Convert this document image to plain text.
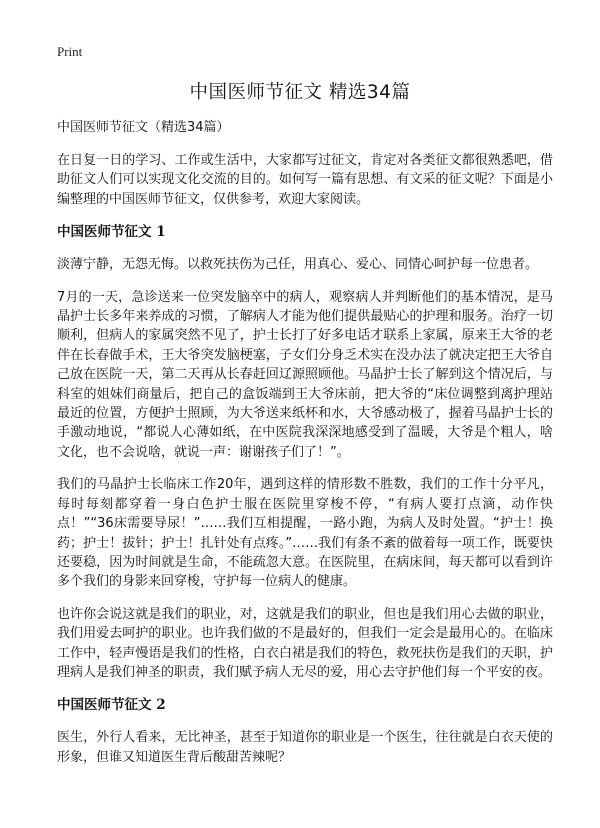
Print
中国医师节征文 精选34篇

中国医师节征文（精选34篇）

在日复一日的学习、工作或生活中，大家都写过征文，肯定对各类征文都很熟悉吧，借助征文人们可以实现文化交流的目的。如何写一篇有思想、有文采的征文呢？下面是小编整理的中国医师节征文，仅供参考，欢迎大家阅读。

中国医师节征文 1

淡薄宁静，无怨无悔。以救死扶伤为己任，用真心、爱心、同情心呵护每一位患者。

7月的一天，急诊送来一位突发脑卒中的病人，观察病人并判断他们的基本情况，是马晶护士长多年来养成的习惯，了解病人才能为他们提供最贴心的护理和服务。治疗一切顺利，但病人的家属突然不见了，护士长打了好多电话才联系上家属，原来王大爷的老伴在长春做手术，王大爷突发脑梗塞，子女们分身乏术实在没办法了就决定把王大爷自己放在医院一天，第二天再从长春赶回辽源照顾他。马晶护士长了解到这个情况后，与科室的姐妹们商量后，把自己的盒饭端到王大爷床前，把大爷的“床位调整到离护理站最近的位置，方便护士照顾，为大爷送来纸杯和水，大爷感动极了，握着马晶护士长的手激动地说，“都说人心薄如纸，在中医院我深深地感受到了温暖，大爷是个粗人，啥文化，也不会说啥，就说一声：谢谢孩子们了！”。

我们的马晶护士长临床工作20年，遇到这样的情形数不胜数，我们的工作十分平凡，每时每刻都穿着一身白色护士服在医院里穿梭不停，“有病人要打点滴，动作快点！”“36床需要导尿！”……我们互相提醒，一路小跑，为病人及时处置。“护士！换药；护士！拔针；护士！扎针处有点疼。”……我们有条不紊的做着每一项工作，既要快还要稳，因为时间就是生命，不能疏忽大意。在医院里，在病床间，每天都可以看到许多个我们的身影来回穿梭，守护每一位病人的健康。

也许你会说这就是我们的职业，对，这就是我们的职业，但也是我们用心去做的职业，我们用爱去呵护的职业。也许我们做的不是最好的，但我们一定会是最用心的。在临床工作中，轻声慢语是我们的性格，白衣白裙是我们的特色，救死扶伤是我们的天职，护理病人是我们神圣的职责，我们赋予病人无尽的爱，用心去守护他们每一个平安的夜。

中国医师节征文 2

医生，外行人看来，无比神圣，甚至于知道你的职业是一个医生，往往就是白衣天使的形象，但谁又知道医生背后酸甜苦辣呢？
